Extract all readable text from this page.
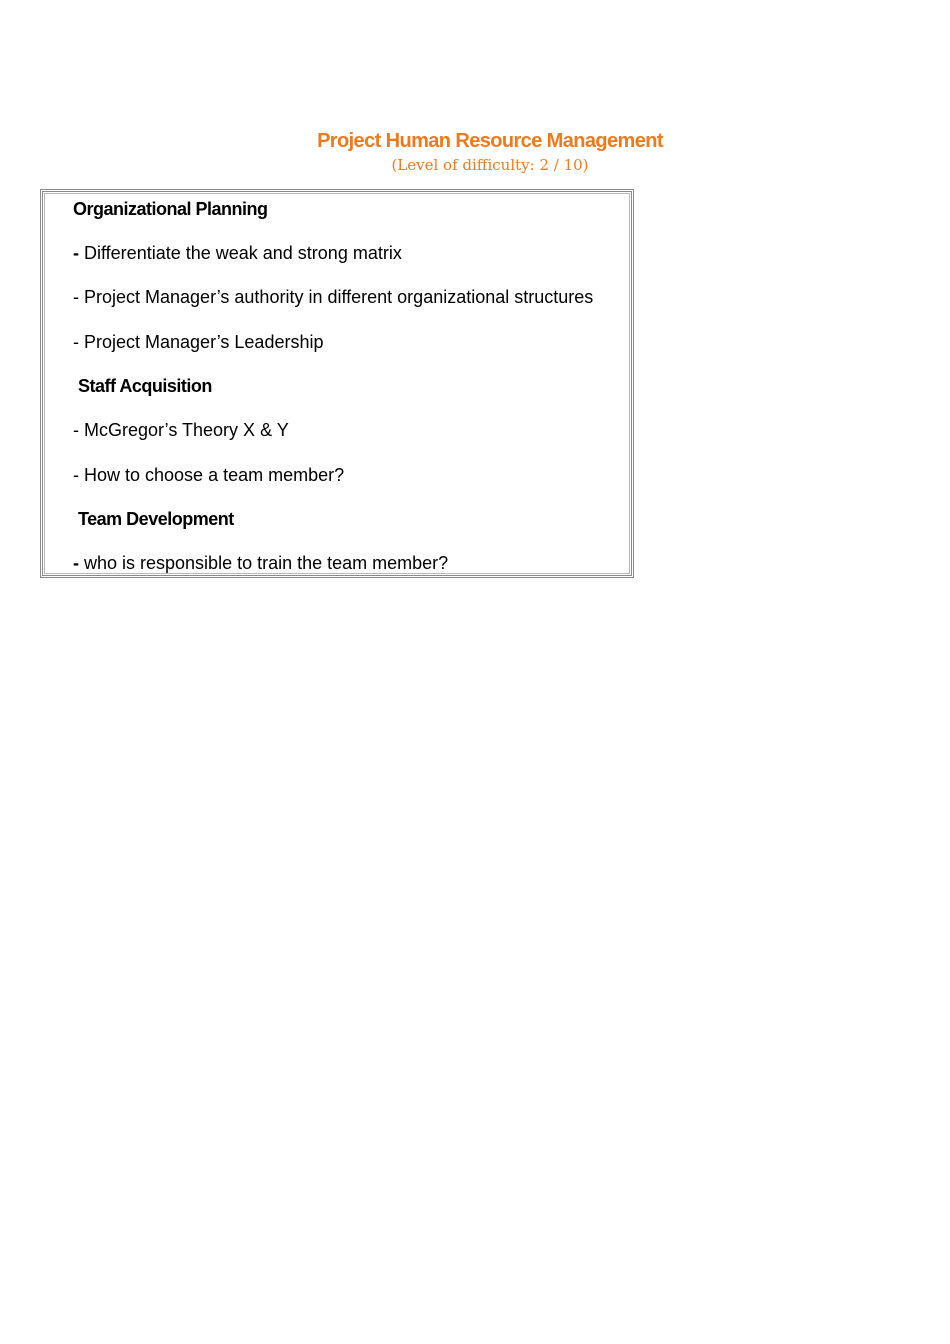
Project Human Resource Management
(Level of difficulty: 2 / 10)
Organizational Planning
- Differentiate the weak and strong matrix
- Project Manager’s authority in different organizational structures
- Project Manager’s Leadership
Staff Acquisition
- McGregor’s Theory X & Y
- How to choose a team member?
Team Development
- who is responsible to train the team member?
